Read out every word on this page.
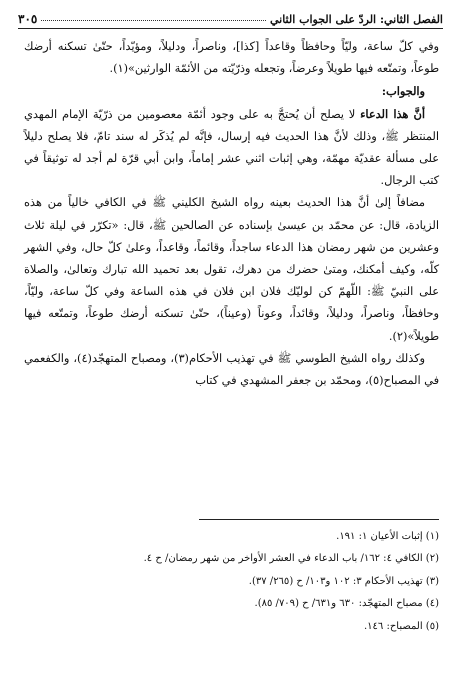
الفصل الثاني: الردّ على الجواب الثاني
٣٠٥

وفي كلّ ساعة، وليّاً وحافظاً وقاعداً [كذا]، وناصراً، ودليلاً، ومؤيّداً، حتّىٰ تسكنه أرضك طوعاً، وتمتّعه فيها طويلاً وعرضاً، وتجعله وذرّيّته من الأئمّة الوارثين»(١).

والجواب:

أنَّ هذا الدعاء لا يصلح أن يُحتجَّ به على وجود أئمّة معصومين من ذرّيّة الإمام المهدي المنتظر ﷺ، وذلك لأنَّ هذا الحديث فيه إرسال، فإنَّه لم يُذكَر له سند تامّ، فلا يصلح دليلاً على مسألة عقديّة مهمّة، وهي إثبات اثني عشر إماماً، وابن أبي قرّة لم أجد له توثيقاً في كتب الرجال.

مضافاً إلىٰ أنَّ هذا الحديث بعينه رواه الشيخ الكليني ﷺ في الكافي خالياً من هذه الزيادة، قال: عن محمّد بن عيسىٰ بإسناده عن الصالحين ﷺ، قال: «تكرّر في ليلة ثلاث وعشرين من شهر رمضان هذا الدعاء ساجداً، وقائماً، وقاعداً، وعلىٰ كلّ حال، وفي الشهر كلّه، وكيف أمكنك، ومتىٰ حضرك من دهرك، تقول بعد تحميد الله تبارك وتعالىٰ، والصلاة على النبيّ ﷺ: اللّهمّ كن لوليّك فلان ابن فلان في هذه الساعة وفي كلّ ساعة، وليّاً، وحافظاً، وناصراً، ودليلاً، وقائداً، وعوناً (وعيناً)، حتّىٰ تسكنه أرضك طوعاً، وتمتّعه فيها طويلاً»(٢).

وكذلك رواه الشيخ الطوسي ﷺ في تهذيب الأحكام(٣)، ومصباح المتهجّد(٤)، والكفعمي في المصباح(٥)، ومحمّد بن جعفر المشهدي في كتاب

(١) إثبات الأعيان ١: ١٩١.
(٢) الكافي ٤: ١٦٢/ باب الدعاء في العشر الأواخر من شهر رمضان/ ح ٤.
(٣) تهذيب الأحكام ٣: ١٠٢ و١٠٣/ ح (٢٦٥/ ٣٧).
(٤) مصباح المتهجّد: ٦٣٠ و٦٣١/ ح (٧٠٩/ ٨٥).
(٥) المصباح: ١٤٦.
